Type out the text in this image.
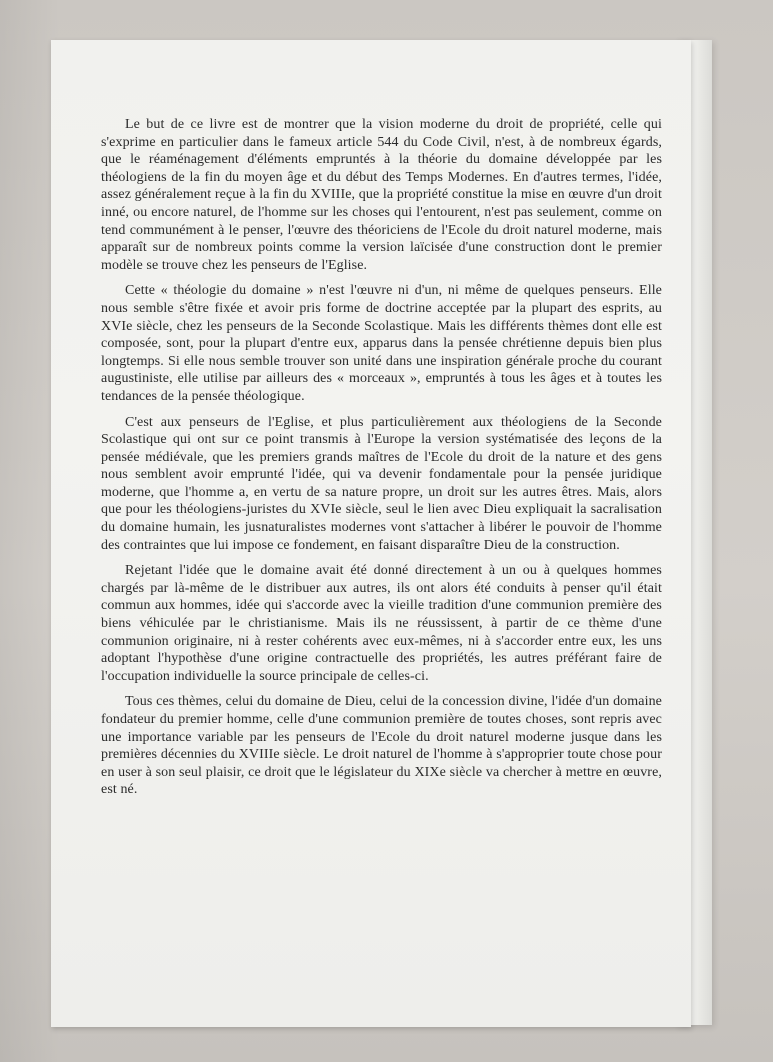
Le but de ce livre est de montrer que la vision moderne du droit de propriété, celle qui s'exprime en particulier dans le fameux article 544 du Code Civil, n'est, à de nombreux égards, que le réaménagement d'éléments empruntés à la théorie du domaine développée par les théologiens de la fin du moyen âge et du début des Temps Modernes. En d'autres termes, l'idée, assez généralement reçue à la fin du XVIIIe, que la propriété constitue la mise en œuvre d'un droit inné, ou encore naturel, de l'homme sur les choses qui l'entourent, n'est pas seulement, comme on tend communément à le penser, l'œuvre des théoriciens de l'Ecole du droit naturel moderne, mais apparaît sur de nombreux points comme la version laïcisée d'une construction dont le premier modèle se trouve chez les penseurs de l'Eglise.

Cette « théologie du domaine » n'est l'œuvre ni d'un, ni même de quelques penseurs. Elle nous semble s'être fixée et avoir pris forme de doctrine acceptée par la plupart des esprits, au XVIe siècle, chez les penseurs de la Seconde Scolastique. Mais les différents thèmes dont elle est composée, sont, pour la plupart d'entre eux, apparus dans la pensée chrétienne depuis bien plus longtemps. Si elle nous semble trouver son unité dans une inspiration générale proche du courant augustiniste, elle utilise par ailleurs des « morceaux », empruntés à tous les âges et à toutes les tendances de la pensée théologique.

C'est aux penseurs de l'Eglise, et plus particulièrement aux théologiens de la Seconde Scolastique qui ont sur ce point transmis à l'Europe la version systématisée des leçons de la pensée médiévale, que les premiers grands maîtres de l'Ecole du droit de la nature et des gens nous semblent avoir emprunté l'idée, qui va devenir fondamentale pour la pensée juridique moderne, que l'homme a, en vertu de sa nature propre, un droit sur les autres êtres. Mais, alors que pour les théologiens-juristes du XVIe siècle, seul le lien avec Dieu expliquait la sacralisation du domaine humain, les jusnaturalistes modernes vont s'attacher à libérer le pouvoir de l'homme des contraintes que lui impose ce fondement, en faisant disparaître Dieu de la construction.

Rejetant l'idée que le domaine avait été donné directement à un ou à quelques hommes chargés par là-même de le distribuer aux autres, ils ont alors été conduits à penser qu'il était commun aux hommes, idée qui s'accorde avec la vieille tradition d'une communion première des biens véhiculée par le christianisme. Mais ils ne réussissent, à partir de ce thème d'une communion originaire, ni à rester cohérents avec eux-mêmes, ni à s'accorder entre eux, les uns adoptant l'hypothèse d'une origine contractuelle des propriétés, les autres préférant faire de l'occupation individuelle la source principale de celles-ci.

Tous ces thèmes, celui du domaine de Dieu, celui de la concession divine, l'idée d'un domaine fondateur du premier homme, celle d'une communion première de toutes choses, sont repris avec une importance variable par les penseurs de l'Ecole du droit naturel moderne jusque dans les premières décennies du XVIIIe siècle. Le droit naturel de l'homme à s'approprier toute chose pour en user à son seul plaisir, ce droit que le législateur du XIXe siècle va chercher à mettre en œuvre, est né.
